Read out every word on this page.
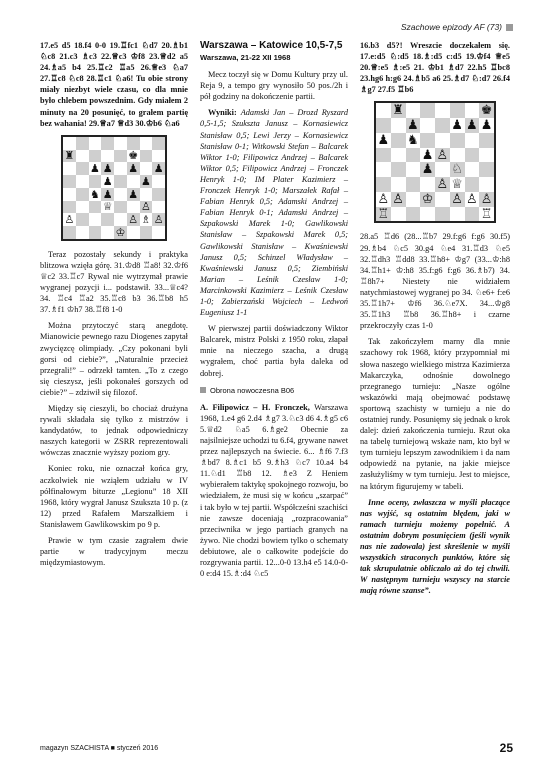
Szachowe epizody AF (73)

17.e5 d5 18.f4 0-0 19.♖fc1 ♘d7 20.♗b1 ♘c8 21.c3 ♗c3 22.♕c3 ♔f8 23.♕d2 a5 24.♗a5 b4 25.♖c2 ♖a5 26.♕e3 ♘a7 27.♖c8 ♘c8 28.♖c1 ♘a6! Tu obie strony miały niezbyt wiele czasu, co dla mnie było chlebem powszednim. Gdy miałem 2 minuty na 20 posunięć, to grałem partię bez wahania! 29.♕a7 ♕d3 30.♔b6 ♘a6

♜	♚
♟ ♟ ♟ ♟
♟	♟
♞ ♟ ♟
♕	♙
♙	♙ ♗ ♙
♔

Teraz pozostały sekundy i praktyka blitzowa wzięła górę. 31.♔d8 ♖a8! 32.♔f6 ♕c2 33.♖c7 Rywal nie wytrzymał prawie wygranej pozycji i... podstawił. 33...♕c4? 34. ♖c4 ♖a2 35.♖c8 b3 36.♖b8 h5 37.♗f1 ♔h7 38.♖f8 1-0

Można przytoczyć starą anegdotę. Mianowicie pewnego razu Diogenes zapytał zwycięzcę olimpiady. „Czy pokonani byli gorsi od ciebie?”, „Naturalnie przecież przegrali!” – odrzekł tamten. „To z czego się cieszysz, jeśli pokonałeś gorszych od ciebie?” – zdziwił się filozof.

Między się cieszyli, bo chociaż drużyna rywali składała się tylko z mistrzów i kandydatów, to jednak odpowiedniczy naszych kategorii w ZSRR reprezentowali wówczas znacznie wyższy poziom gry.

Koniec roku, nie oznaczał końca gry, aczkolwiek nie wziąłem udziału w IV półfinałowym biturze „Legionu” 18 XII 1968, który wygrał Janusz Szukszta 10 p. (z 12) przed Rafałem Marszałkiem i Stanisławem Gawlikowskim po 9 p.

Prawie w tym czasie zagrałem dwie partie w tradycyjnym meczu międzymiastowym.

Warszawa – Katowice 10,5-7,5

Warszawa, 21-22 XII 1968

Mecz toczył się w Domu Kultury przy ul. Reja 9, a tempo gry wynosiło 50 pos./2h i pół godziny na dokończenie partii.

Wyniki: Adamski Jan – Drozd Ryszard 0,5-1,5; Szukszta Janusz – Kornasiewicz Stanisław 0,5; Lewi Jerzy – Kornasiewicz Stanisław 0-1; Witkowski Stefan – Balcarek Wiktor 1-0; Filipowicz Andrzej – Balcarek Wiktor 0,5; Filipowicz Andrzej – Fronczek Henryk 1-0; IM Plater Kazimierz – Fronczek Henryk 1-0; Marszałek Rafał – Fabian Henryk 0,5; Adamski Andrzej – Fabian Henryk 0-1; Adamski Andrzej – Szpakowski Marek 1-0; Gawlikowski Stanisław – Szpakowski Marek 0,5; Gawlikowski Stanisław – Kwaśniewski Janusz 0,5; Schinzel Władysław – Kwaśniewski Janusz 0,5; Ziembiński Marian – Leśnik Czesław 1-0; Marcinkowski Kazimierz – Leśnik Czesław 1-0; Zabierzański Wojciech – Ledwoń Eugeniusz 1-1

W pierwszej partii doświadczony Wiktor Balcarek, mistrz Polski z 1950 roku, złapał mnie na nieczego szacha, a drugą wygrałem, choć partia była daleka od dobrej.

Obrona nowoczesna B06

A. Filipowicz – H. Fronczek, Warszawa 1968, 1.e4 g6 2.d4 ♗g7 3.♘c3 d6 4.♗g5 c6 5.♕d2 ♘a5 6.♗ge2 Obecnie za najsilniejsze uchodzi tu 6.f4, grywane nawet przez najlepszych na świecie. 6... ♗f6 7.f3 ♗bd7 8.♗c1 b5 9.♗h3 ♘c7 10.a4 b4 11.♘d1 ♖b8 12. ♗e3 Z Heniem wybierałem taktykę spokojnego rozwoju, bo wiedziałem, że musi się w końcu „szarpać” i tak było w tej partii. Współcześni szachiści nie zawsze doceniają „rozpracowania” przeciwnika w jego partiach granych na żywo. Nie chodzi bowiem tylko o schematy debiutowe, ale o całkowite podejście do rozgrywania partii. 12...0-0 13.h4 e5 14.0-0-0 e:d4 15.♗:d4 ♘c5

16.b3 d5?! Wreszcie doczekałem się. 17.e:d5 ♘:d5 18.♗:d5 c:d5 19.♔f4 ♕e5 20.♕:e5 ♗:e5 21. ♔b1 ♗d7 22.h5 ♖bc8 23.hg6 h:g6 24.♗b5 a6 25.♗d7 ♘:d7 26.f4 ♗g7 27.f5 ♖b6

♜	♚
♟	♟ ♟ ♟
♟ ♞
♟ ♙
♟ ♘
♙ ♕
♙ ♙ ♔ ♙ ♙ ♙
♖	♖

28.a5 ♖d6 (28...♖b7 29.f:g6 f:g6 30.f5) 29.♗b4 ♘c5 30.g4 ♘e4 31.♖d3 ♘e5 32.♖dh3 ♖dd8 33.♖h8+ ♔g7 (33...♔:h8 34.♖h1+ ♔:h8 35.f:g6 f:g6 36.♗b7) 34. ♖8h7+ Niestety nie widziałem natychmiastowej wygranej po 34. ♘e6+ f:e6 35.♖1h7+ ♔f6 36.♘e7X. 34...♔g8 35.♖1h3 ♖b8 36.♖h8+ i czarne przekroczyły czas 1-0

Tak zakończyłem marny dla mnie szachowy rok 1968, który przypomniał mi słowa naszego wielkiego mistrza Kazimierza Makarczyka, odnośnie dowolnego przegranego turnieju: „Nasze ogólne wskazówki mają obejmować podstawę sportową szachisty w turnieju a nie do ostatniej rundy. Posunięmy się jednak o krok dalej: dzień zakończenia turnieju. Rzut oka na tabelę turniejową wskaże nam, kto był w tym turnieju lepszym zawodnikiem i da nam odpowiedź na pytanie, na jakie miejsce zasłużyliśmy w tym turnieju. Jest to miejsce, na którym figurujemy w tabeli.

Inne oceny, zwłaszcza w myśli płaczące nas wyjść, są ostatnim błędem, jaki w ramach turnieju możemy popełnić. A ostatnim dobrym posunięciem (jeśli wynik nas nie zadowala) jest skreślenie w myśli wszystkich straconych punktów, które się tak skrupulatnie obliczało aż do tej chwili. W następnym turnieju wszyscy na starcie mają równe szanse”.

magazyn SZACHISTA ■ styczeń 2016	25
